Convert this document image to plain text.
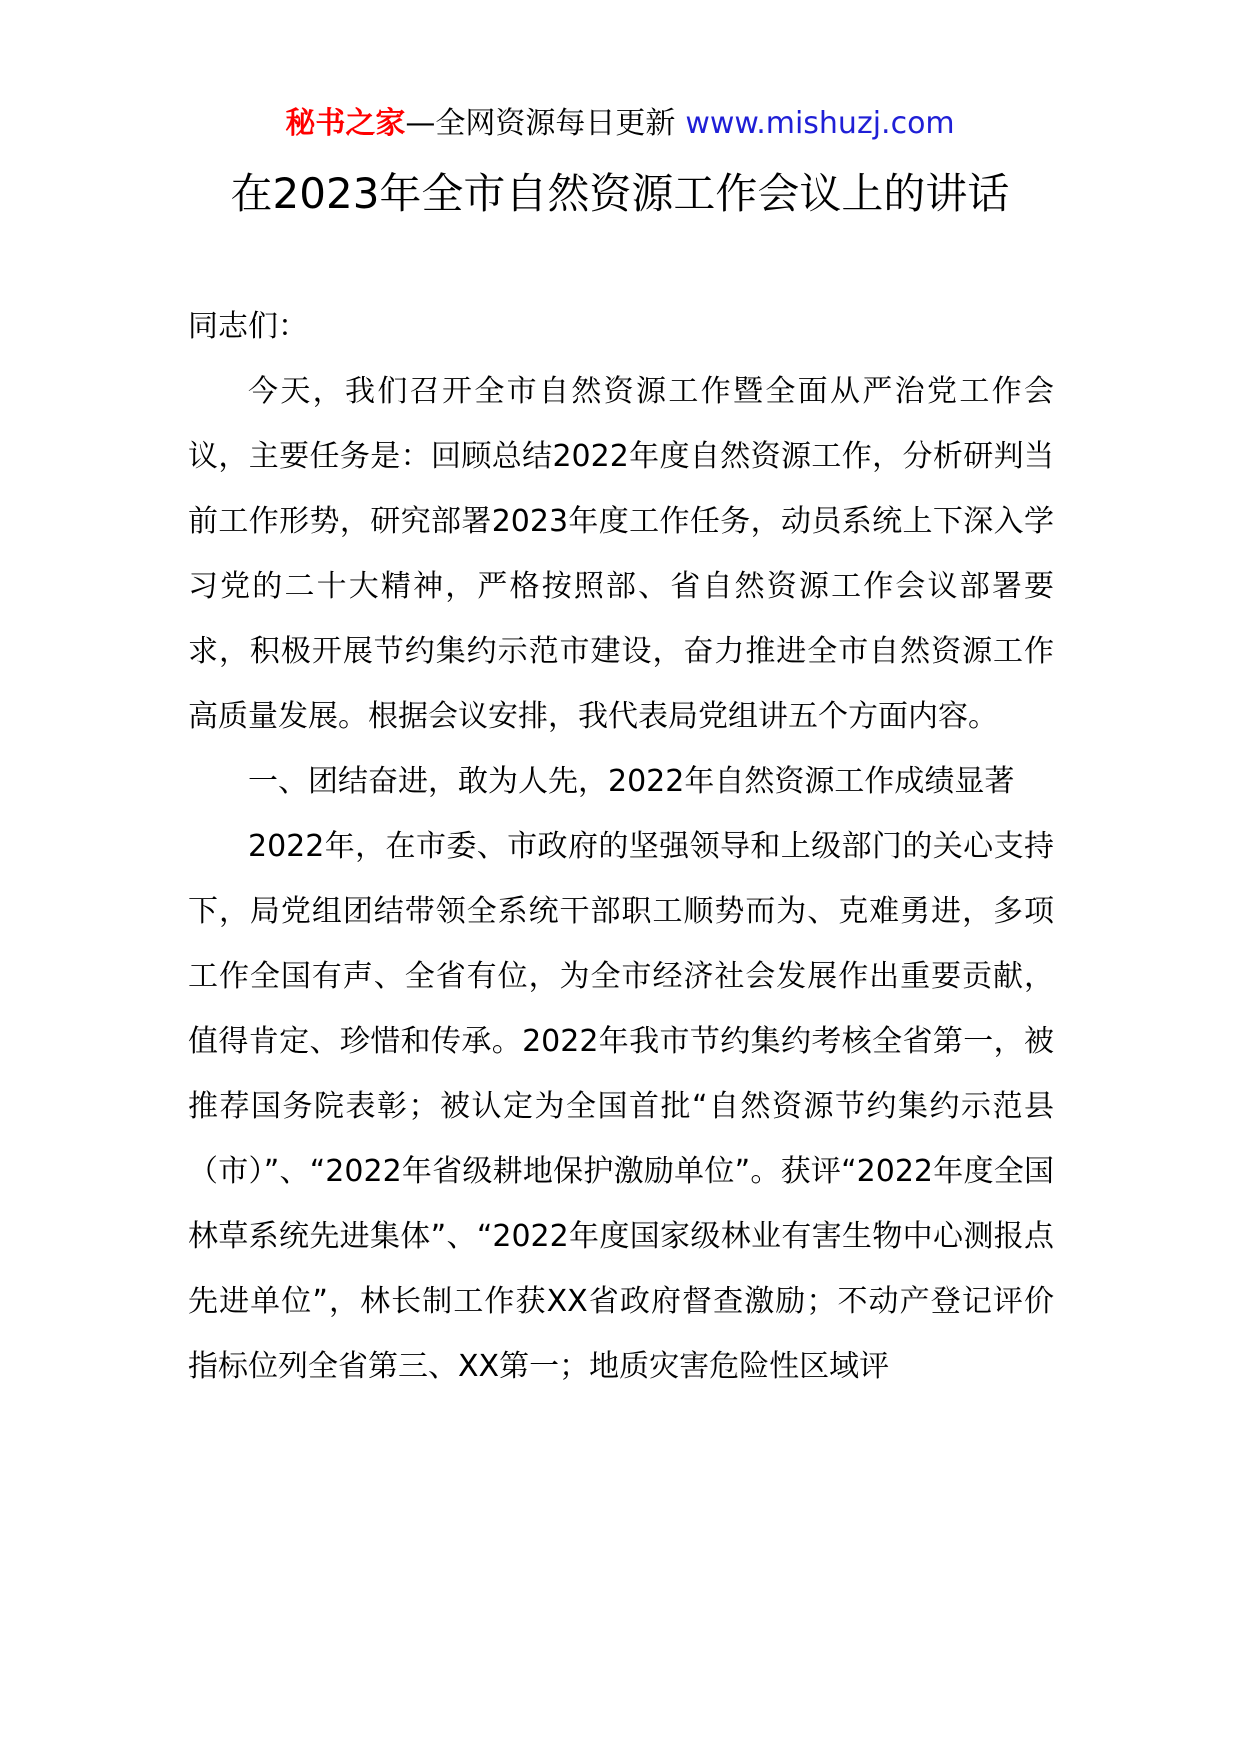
秘书之家—全网资源每日更新 www.mishuzj.com
在2023年全市自然资源工作会议上的讲话

同志们：

今天，我们召开全市自然资源工作暨全面从严治党工作会议，主要任务是：回顾总结2022年度自然资源工作，分析研判当前工作形势，研究部署2023年度工作任务，动员系统上下深入学习党的二十大精神，严格按照部、省自然资源工作会议部署要求，积极开展节约集约示范市建设，奋力推进全市自然资源工作高质量发展。根据会议安排，我代表局党组讲五个方面内容。

一、团结奋进，敢为人先，2022年自然资源工作成绩显著

2022年，在市委、市政府的坚强领导和上级部门的关心支持下，局党组团结带领全系统干部职工顺势而为、克难勇进，多项工作全国有声、全省有位，为全市经济社会发展作出重要贡献，值得肯定、珍惜和传承。2022年我市节约集约考核全省第一，被推荐国务院表彰；被认定为全国首批“自然资源节约集约示范县（市）”、“2022年省级耕地保护激励单位”。获评“2022年度全国林草系统先进集体”、“2022年度国家级林业有害生物中心测报点先进单位”，林长制工作获XX省政府督查激励；不动产登记评价指标位列全省第三、XX第一；地质灾害危险性区域评
